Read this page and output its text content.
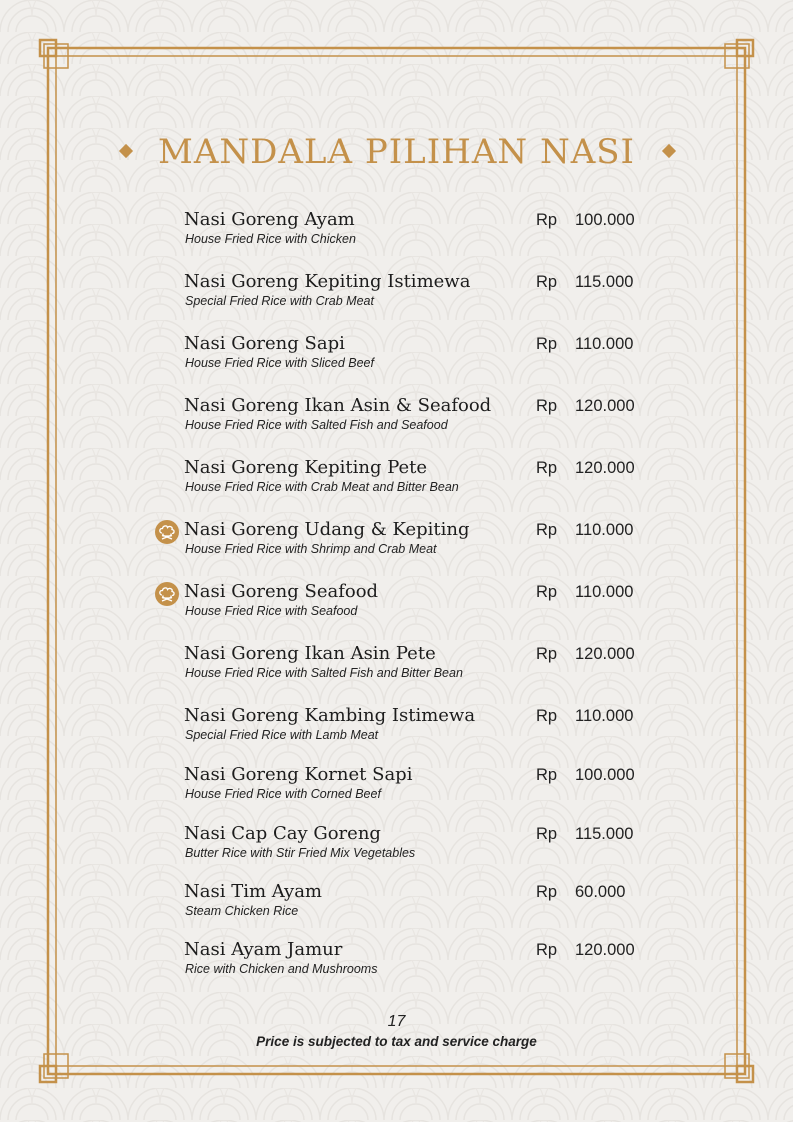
MANDALA PILIHAN NASI
Nasi Goreng Ayam
House Fried Rice with Chicken
Rp 100.000
Nasi Goreng Kepiting Istimewa
Special Fried Rice with Crab Meat
Rp 115.000
Nasi Goreng Sapi
House Fried Rice with Sliced Beef
Rp 110.000
Nasi Goreng Ikan Asin & Seafood
House Fried Rice with Salted Fish and Seafood
Rp 120.000
Nasi Goreng Kepiting Pete
House Fried Rice with Crab Meat and Bitter Bean
Rp 120.000
Nasi Goreng Udang & Kepiting
House Fried Rice with Shrimp and Crab Meat
Rp 110.000
Nasi Goreng Seafood
House Fried Rice with Seafood
Rp 110.000
Nasi Goreng Ikan Asin Pete
House Fried Rice with Salted Fish and Bitter Bean
Rp 120.000
Nasi Goreng Kambing Istimewa
Special Fried Rice with Lamb Meat
Rp 110.000
Nasi Goreng Kornet Sapi
House Fried Rice with Corned Beef
Rp 100.000
Nasi Cap Cay Goreng
Butter Rice with Stir Fried Mix Vegetables
Rp 115.000
Nasi Tim Ayam
Steam Chicken Rice
Rp 60.000
Nasi Ayam Jamur
Rice with Chicken and Mushrooms
Rp 120.000
17
Price is subjected to tax and service charge
